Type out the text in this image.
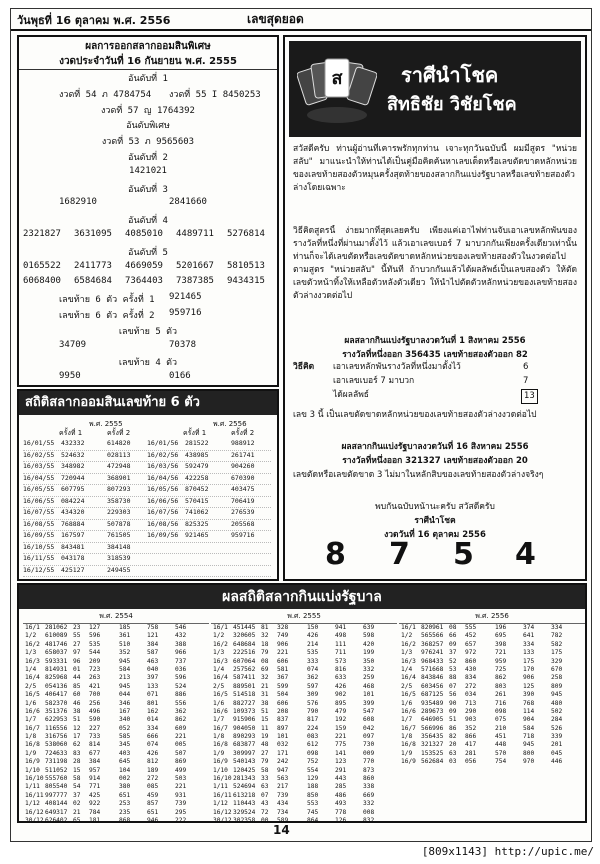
วันพุธที่ 16 ตุลาคม พ.ศ. 2556	เลขสุดยอด
ผลการออกสลากออมสินพิเศษ
งวดประจำวันที่ 16 กันยายน พ.ศ. 2555
อันดับที่ 1
งวดที่ 54 ภ 4784754 งวดที่ 55 I 8450253
งวดที่ 57 ญ 1764392
อันดับพิเศษ
งวดที่ 53 ภ 9565603
อันดับที่ 2
1421021
อันดับที่ 3
1682910	2841660
อันดับที่ 4
2321827 3631095 4085010 4489711 5276814
อันดับที่ 5
0165522 2411773 4669059 5201667 5810513
6068400 6584684 7364403 7387385 9434315
เลขท้าย 6 ตัว ครั้งที่ 1 921465
เลขท้าย 6 ตัว ครั้งที่ 2 959716
เลขท้าย 5 ตัว
34709	70378
เลขท้าย 4 ตัว
9950	0166
สถิติสลากออมสินเลขท้าย 6 ตัว
พ.ศ. 2555
ครั้งที่ 1	ครั้งที่ 2
พ.ศ. 2556
ครั้งที่ 1	ครั้งที่ 2
16/01/55 432332	614820	16/01/56 281522	988912
16/02/55 524632	028113	16/02/56 438985	261741
16/03/55 348982	472948	16/03/56 592479	904260
16/04/55 720944	368901	16/04/56 422258	670390
16/05/55 607795	807293	16/05/56 870452	403475
16/06/55 084224	358730	16/06/56 570415	706419
16/07/55 434320	229303	16/07/56 741062	276539
16/08/55 768884	507878	16/08/56 825325	205568
16/09/55 167597	761505	16/09/56 921465	959716
16/10/55 843481	384148
16/11/55 043178	318539
16/12/55 425127	249455
ส	ราศีนำโชค
สิทธิชัย วิชัยโชค
สวัสดีครับ ท่านผู้อ่านที่เคารพรักทุกท่าน เจาะทุกวันฉบับนี้ ผมมีสูตร "หน่วยสลับ" มาแนะนำให้ท่านได้เป็นคู่มือคิดค้นหาเลขเด็ดหรือเลขตัดขาดหลักหน่วยของเลขท้ายสองตัวหมุนครั้งสุดท้ายของสลากกินแบ่งรัฐบาลหรือเลขท้ายสองตัวล่างโดยเฉพาะ
วิธีคิดสูตรนี้ ง่ายมากที่สุดเลยครับ เพียงแค่เอาไฟท่านจับเอาเลขหลักพันของรางวัลที่หนึ่งที่ผ่านมาตั้งไว้ แล้วเอาเลขเบอร์ 7 มาบวกกันเพียงครั้งเดียวเท่านั้น ท่านก็จะได้เลขตัดหรือเลขตัดขาดหลักหน่วยของเลขท้ายสองตัวในงวดต่อไป ตามสูตร "หน่วยสลับ" นี้ทันที ถ้าบวกกันแล้วได้ผลลัพธ์เป็นเลขสองตัว ให้ตัดเลขตัวหน้าทิ้งให้เหลือตัวหลังตัวเดียว ให้นำไปตัดตัวหลักหน่วยของเลขท้ายสองตัวล่างงวดต่อไป
ผลสลากกินแบ่งรัฐบาลงวดวันที่ 1 สิงหาคม 2556
รางวัลที่หนึ่งออก 356435 เลขท้ายสองตัวออก 82
วิธีคิด เอาเลขหลักพันรางวัลที่หนึ่งมาตั้งไว้	6
เอาเลขเบอร์ 7 มาบวก	7
ได้ผลลัพธ์	13
เลข 3 นี้ เป็นเลขตัดขาดหลักหน่วยของเลขท้ายสองตัวล่างงวดต่อไป
ผลสลากกินแบ่งรัฐบาลงวดวันที่ 16 สิงหาคม 2556
รางวัลที่หนึ่งออก 321327 เลขท้ายสองตัวออก 20
เลขตัดหรือเลขตัดขาด 3 ไม่มาในหลักสิบของเลขท้ายสองตัวล่างจริงๆ
พบกันฉบับหน้านะครับ สวัสดีครับ
ราศีนำโชค
งวดวันที่ 16 ตุลาคม 2556
8 7 5 4
ผลสถิติสลากกินแบ่งรัฐบาล
พ.ศ. 2554
16/1 281062 23 127	185	758	546
1/2 610089 55 596	361	121	432
16/2 481746 27 535	510	384	388
1/3 658037 97 544	352	587	966
16/3 593331 96 209	945	463	737
1/4 814931 01 723	584	040	036
16/4 825968 44 263	213	397	596
2/5 054136 85 421	945	133	524
16/5 406417 60 700	044	071	886
1/6 582370 46 256	346	801	556
16/6 351376 38 496	167	162	362
1/7 622953 51 590	340	014	862
16/7 116556 12 227	052	334	609
1/8 316756 17 733	585	666	221
16/8 538060 62 814	345	074	005
1/9 724633 83 677	403	426	507
16/9 731198 28 384	645	812	869
1/10 511052 15 957	104	189	499
16/10 555760 58 914	002	272	503
1/11 805540 54 771	380	085	221
16/11 997777 37 425	651	459	931
1/12 408144 02 922	253	857	739
16/12 649317 21 784	235	651	295
30/12 626402 65 181	868	946	222
พ.ศ. 2555
16/1 451445 81 328	150	941	639
1/2 320605 32 749	426	498	598
16/2 648684 18 906	214	111	420
1/3 222516 79 221	535	711	199
16/3 607064 08 606	333	573	350
1/4 257562 69 581	074	816	332
16/4 587411 32 367	362	633	259
2/5 889501 21 599	597	426	468
16/5 514518 31 504	309	902	101
1/6 882727 38 606	576	895	399
16/6 109373 51 208	790	479	547
1/7 915906 15 837	817	192	608
16/7 904050 11 897	224	159	042
1/8 890293 19 101	083	221	097
16/8 683877 48 032	612	775	730
1/9 309997 27 171	098	141	009
16/9 540143 79 242	752	123	770
1/10 120425 58 947	554	291	873
16/10 281343 33 563	129	443	860
1/11 524694 63 217	188	285	338
16/11 613218 07 739	850	486	669
1/12 110443 43 434	553	493	332
16/12 329524 72 734	745	778	008
30/12 302358 00 589	864	126	832
พ.ศ. 2556
16/1 820961 08 555	196	374	334
1/2 565566 66 452	695	641	782
16/2 368257 09 657	398	334	582
1/3 976241 37 972	721	133	175
16/3 968433 52 860	959	175	329
1/4 571668 53 430	725	170	670
16/4 843846 88 834	862	906	258
2/5 603456 07 272	803	125	809
16/5 687125 56 034	261	390	945
1/6 935489 90 713	716	768	480
16/6 289673 09 290	098	114	502
1/7 646905 51 903	075	904	284
16/7 566996 86 352	210	584	526
1/8 356435 82 866	451	718	339
16/8 321327 20 417	448	945	201
1/9 153525 63 281	570	800	045
16/9 562684 03 056	754	970	446
14
[809x1143] http://upic.me/
